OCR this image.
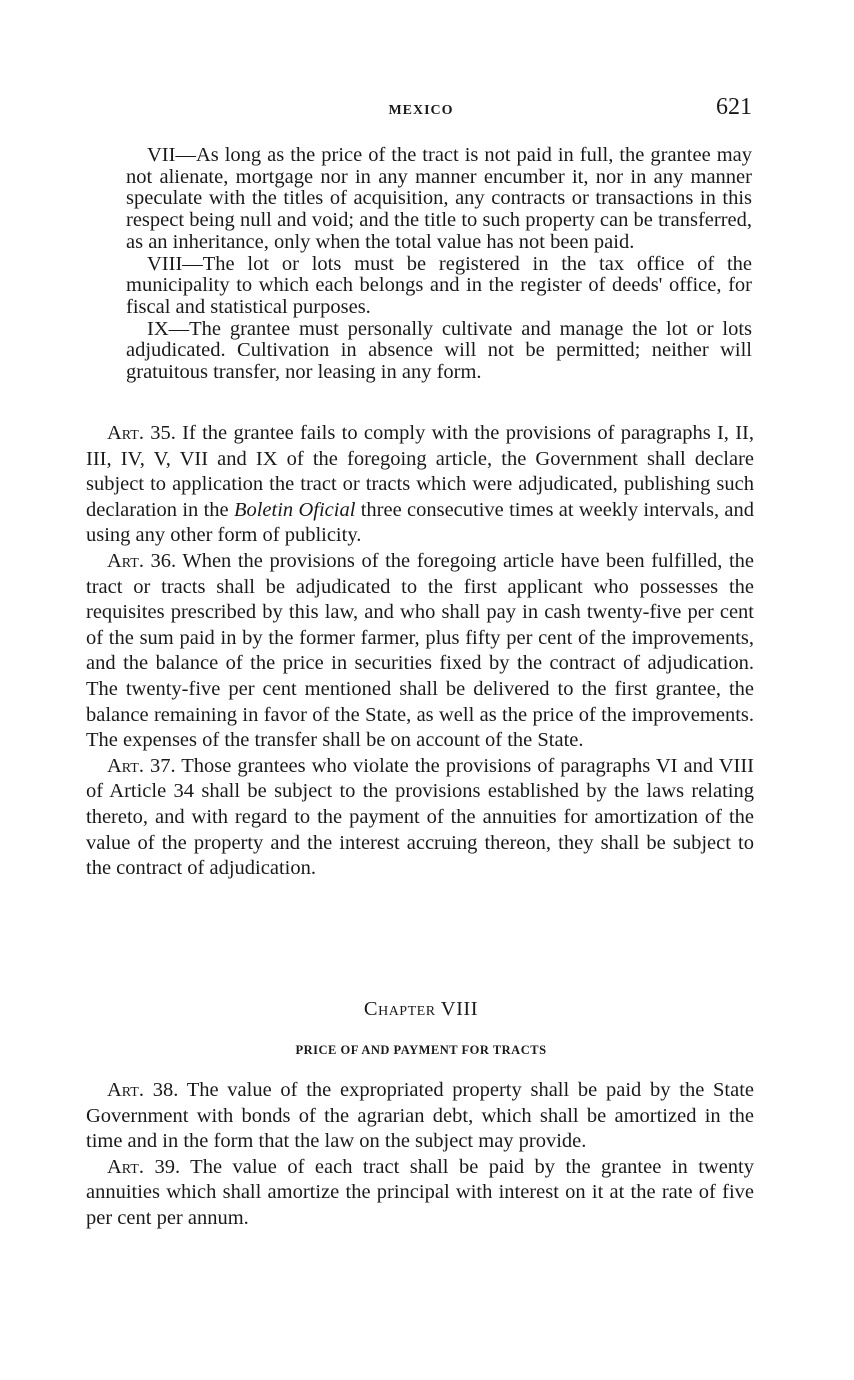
MEXICO	621

VII—As long as the price of the tract is not paid in full, the grantee may not alienate, mortgage nor in any manner encumber it, nor in any manner speculate with the titles of acquisition, any contracts or transactions in this respect being null and void; and the title to such property can be transferred, as an inheritance, only when the total value has not been paid.

VIII—The lot or lots must be registered in the tax office of the municipality to which each belongs and in the register of deeds' office, for fiscal and statistical purposes.

IX—The grantee must personally cultivate and manage the lot or lots adjudicated. Cultivation in absence will not be permitted; neither will gratuitous transfer, nor leasing in any form.

Art. 35. If the grantee fails to comply with the provisions of paragraphs I, II, III, IV, V, VII and IX of the foregoing article, the Government shall declare subject to application the tract or tracts which were adjudicated, publishing such declaration in the Boletin Oficial three consecutive times at weekly intervals, and using any other form of publicity.

Art. 36. When the provisions of the foregoing article have been fulfilled, the tract or tracts shall be adjudicated to the first applicant who possesses the requisites prescribed by this law, and who shall pay in cash twenty-five per cent of the sum paid in by the former farmer, plus fifty per cent of the improvements, and the balance of the price in securities fixed by the contract of adjudication. The twenty-five per cent mentioned shall be delivered to the first grantee, the balance remaining in favor of the State, as well as the price of the improvements. The expenses of the transfer shall be on account of the State.

Art. 37. Those grantees who violate the provisions of paragraphs VI and VIII of Article 34 shall be subject to the provisions established by the laws relating thereto, and with regard to the payment of the annuities for amortization of the value of the property and the interest accruing thereon, they shall be subject to the contract of adjudication.

Chapter VIII

PRICE OF AND PAYMENT FOR TRACTS

Art. 38. The value of the expropriated property shall be paid by the State Government with bonds of the agrarian debt, which shall be amortized in the time and in the form that the law on the subject may provide.

Art. 39. The value of each tract shall be paid by the grantee in twenty annuities which shall amortize the principal with interest on it at the rate of five per cent per annum.
